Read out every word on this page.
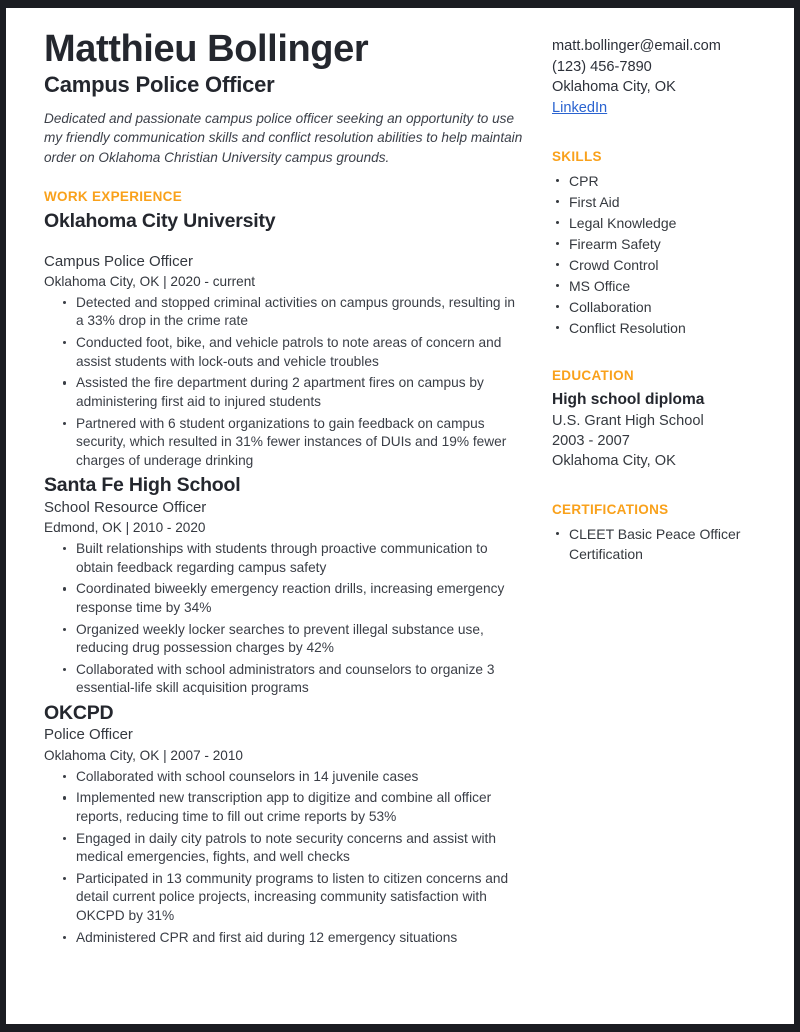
Matthieu Bollinger
Campus Police Officer

Dedicated and passionate campus police officer seeking an opportunity to use my friendly communication skills and conflict resolution abilities to help maintain order on Oklahoma Christian University campus grounds.

WORK EXPERIENCE
Oklahoma City University
Campus Police Officer
Oklahoma City, OK | 2020 - current
Detected and stopped criminal activities on campus grounds, resulting in a 33% drop in the crime rate
Conducted foot, bike, and vehicle patrols to note areas of concern and assist students with lock-outs and vehicle troubles
Assisted the fire department during 2 apartment fires on campus by administering first aid to injured students
Partnered with 6 student organizations to gain feedback on campus security, which resulted in 31% fewer instances of DUIs and 19% fewer charges of underage drinking
Santa Fe High School
School Resource Officer
Edmond, OK | 2010 - 2020
Built relationships with students through proactive communication to obtain feedback regarding campus safety
Coordinated biweekly emergency reaction drills, increasing emergency response time by 34%
Organized weekly locker searches to prevent illegal substance use, reducing drug possession charges by 42%
Collaborated with school administrators and counselors to organize 3 essential-life skill acquisition programs
OKCPD
Police Officer
Oklahoma City, OK | 2007 - 2010
Collaborated with school counselors in 14 juvenile cases
Implemented new transcription app to digitize and combine all officer reports, reducing time to fill out crime reports by 53%
Engaged in daily city patrols to note security concerns and assist with medical emergencies, fights, and well checks
Participated in 13 community programs to listen to citizen concerns and detail current police projects, increasing community satisfaction with OKCPD by 31%
Administered CPR and first aid during 12 emergency situations
matt.bollinger@email.com
(123) 456-7890
Oklahoma City, OK
LinkedIn
SKILLS
CPR
First Aid
Legal Knowledge
Firearm Safety
Crowd Control
MS Office
Collaboration
Conflict Resolution
EDUCATION
High school diploma
U.S. Grant High School
2003 - 2007
Oklahoma City, OK
CERTIFICATIONS
CLEET Basic Peace Officer Certification
